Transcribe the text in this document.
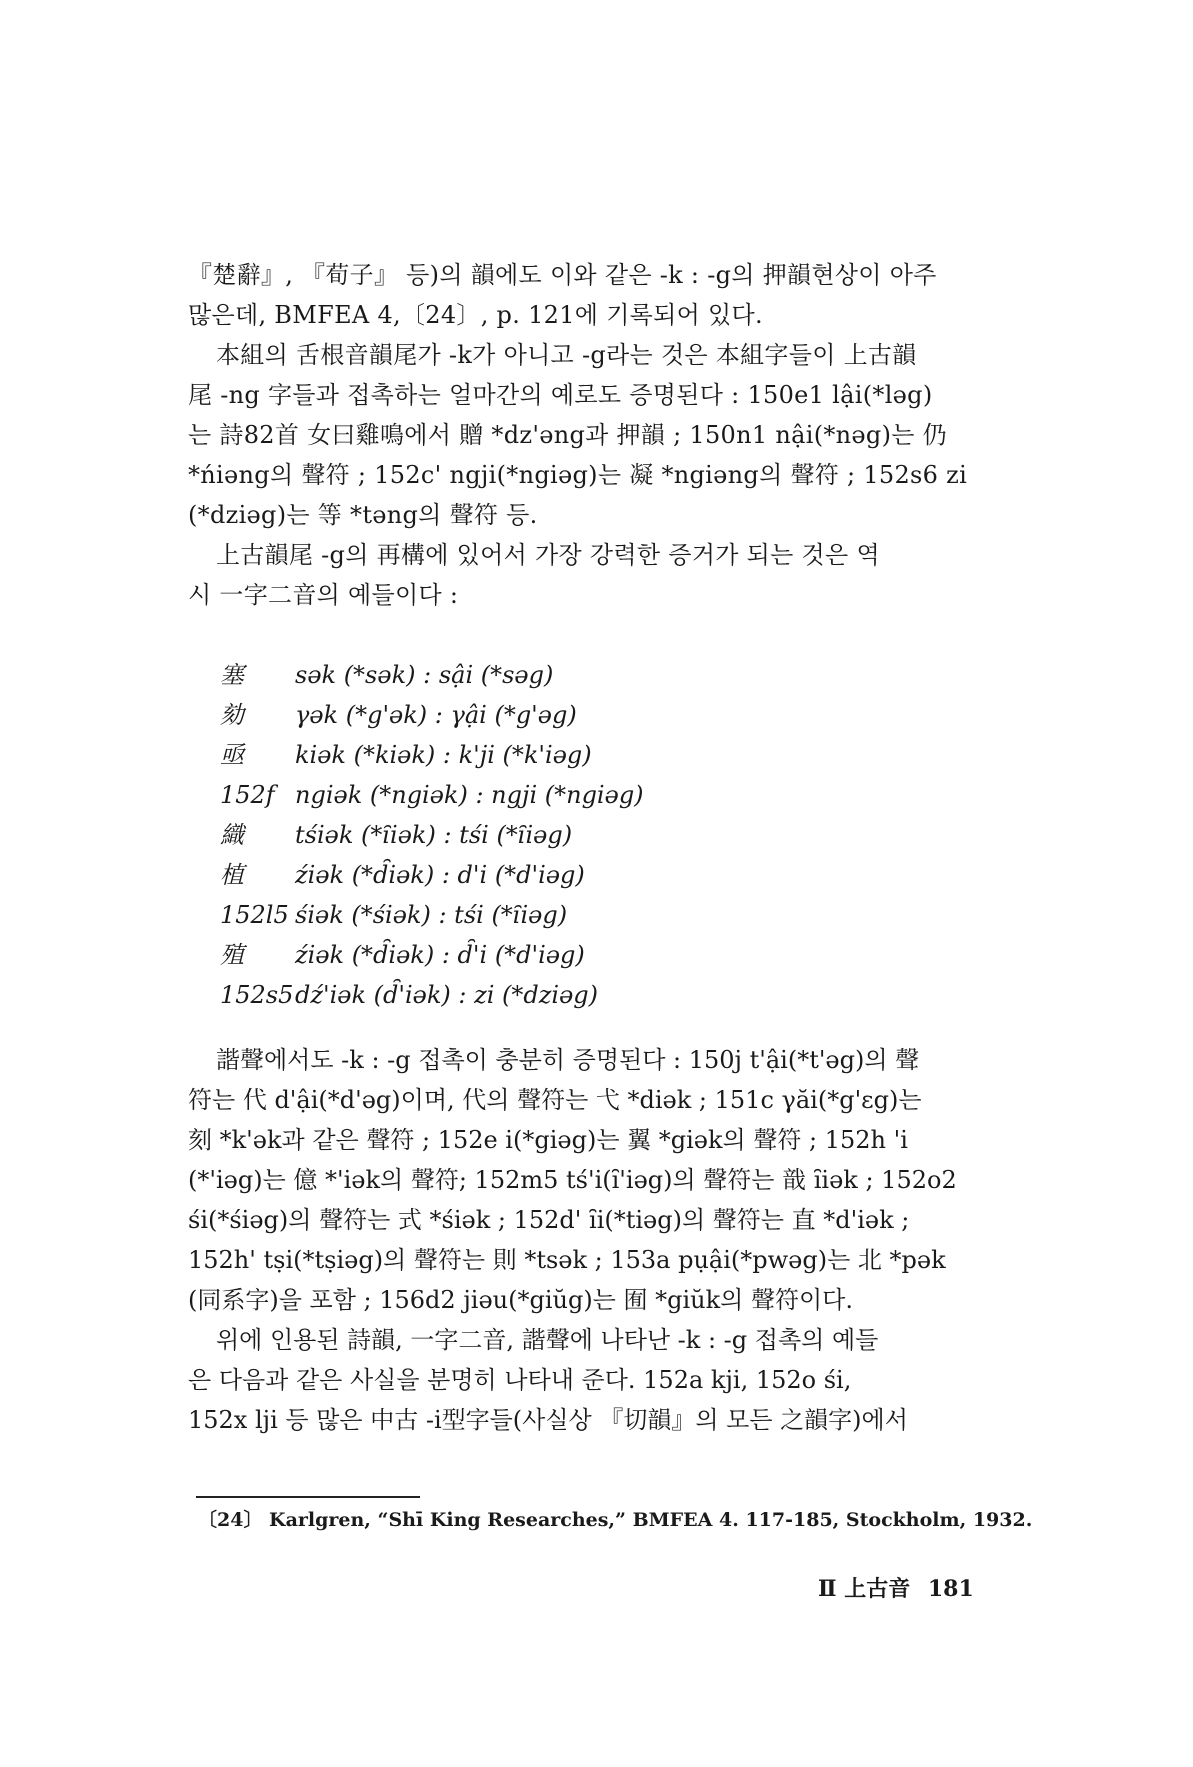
『楚辭』, 『荀子』 등)의 韻에도 이와 같은 -k : -g의 押韻현상이 아주
많은데, BMFEA 4,〔24〕, p. 121에 기록되어 있다.

本組의 舌根音韻尾가 -k가 아니고 -g라는 것은 本組字들이 上古韻

尾 -ng 字들과 접촉하는 얼마간의 예로도 증명된다 : 150e1 lậi(*lәg)
는 詩82首 女曰雞鳴에서 贈 *dz'әng과 押韻 ; 150n1 nậi(*nәg)는 仍
*ńiәng의 聲符 ; 152c' ngji(*ngiәg)는 凝 *ngiәng의 聲符 ; 152s6 zi
(*dziәg)는 等 *tәng의 聲符 등.

上古韻尾 -g의 再構에 있어서 가장 강력한 증거가 되는 것은 역

시 一字二音의 예들이다 :

塞	sәk (*sәk) : sậi (*sәg)
劾	γәk (*g'әk) : γậi (*g'әg)
亟	kiәk (*kiәk) : k'ji (*k'iәg)
152f ngiәk (*ngiәk) : ngji (*ngiәg)
織	tśiәk (*ȋiәk) : tśi (*ȋiәg)
植	źiәk (*d̑iәk) : d'i (*d'iәg)
152l5 śiәk (*śiәk) : tśi (*ȋiәg)
殖	źiәk (*d̑iәk) : d̑'i (*d'iәg)
152s5 dź'iәk (d̑'iәk) : zi (*dziәg)

諧聲에서도 -k : -g 접촉이 충분히 증명된다 : 150j t'ậi(*t'әg)의 聲

符는 代 d'ậi(*d'әg)이며, 代의 聲符는 弋 *diәk ; 151c γăi(*g'ɛg)는
刻 *k'әk과 같은 聲符 ; 152e i(*giәg)는 翼 *giәk의 聲符 ; 152h 'i
(*'iәg)는 億 *'iәk의 聲符; 152m5 tś'i(ȋ'iәg)의 聲符는 戠 ȋiәk ; 152o2
śi(*śiәg)의 聲符는 式 *śiәk ; 152d' ȋi(*tiәg)의 聲符는 直 *d'iәk ;
152h' tṣi(*tṣiәg)의 聲符는 則 *tsәk ; 153a pụậi(*pwәg)는 北 *pәk
(同系字)을 포함 ; 156d2 jiәu(*giŭg)는 囿 *giŭk의 聲符이다.

위에 인용된 詩韻, 一字二音, 諧聲에 나타난 -k : -g 접촉의 예들

은 다음과 같은 사실을 분명히 나타내 준다. 152a kji, 152o śi,
152x lji 등 많은 中古 -i型字들(사실상 『切韻』의 모든 之韻字)에서

〔24〕 Karlgren, “Shī King Researches,” BMFEA 4. 117-185, Stockholm, 1932.
Ⅱ 上古音 181
